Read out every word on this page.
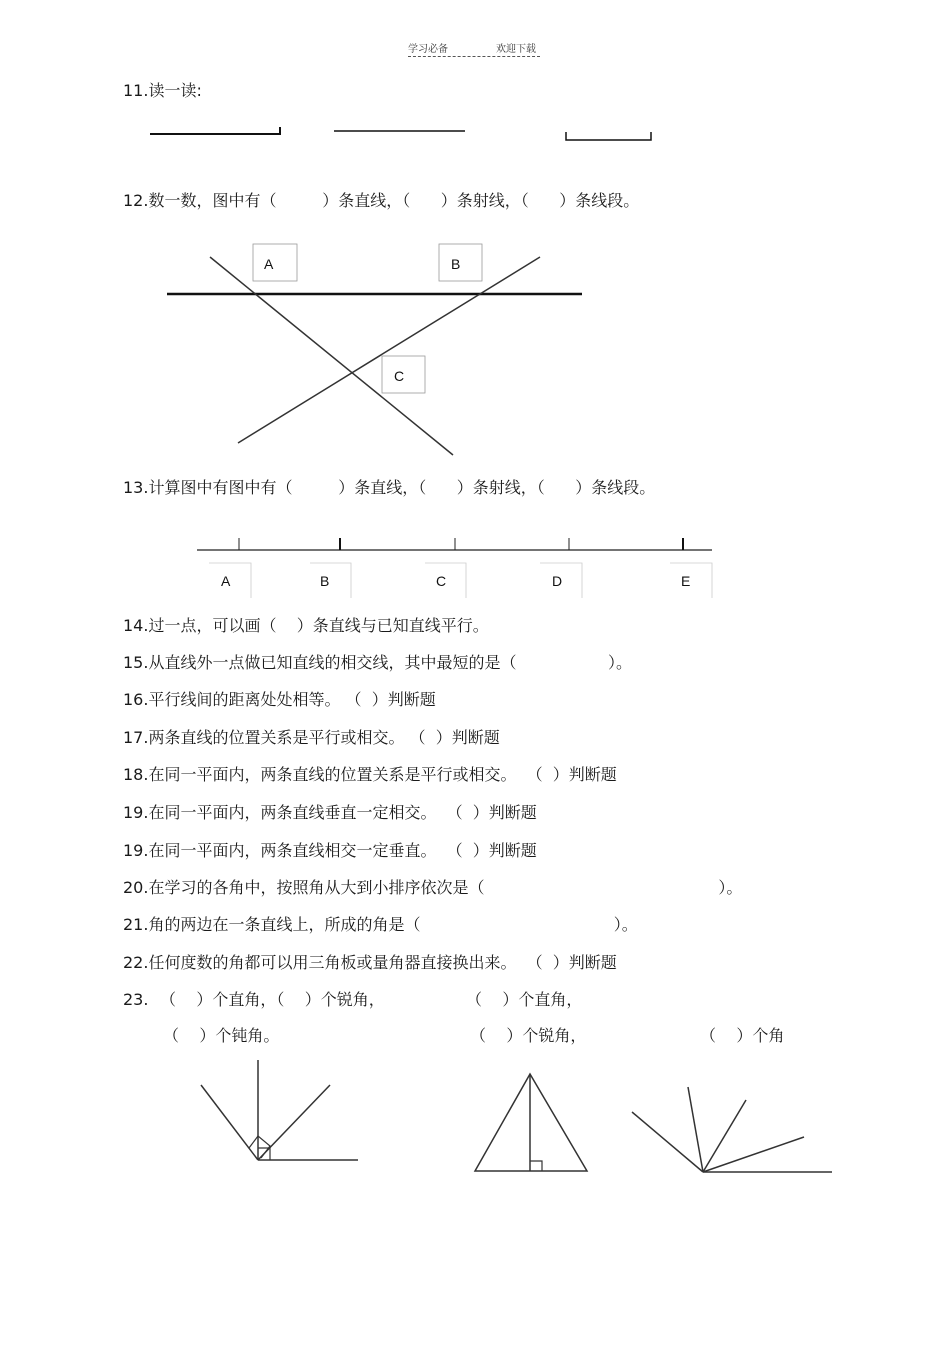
学习必备	欢迎下载
11.读一读:
12.数一数，图中有（         ）条直线，（      ）条射线，（      ）条线段。
13.计算图中有图中有（         ）条直线，（      ）条射线，（      ）条线段。
14.过一点，可以画（    ）条直线与已知直线平行。
15.从直线外一点做已知直线的相交线，其中最短的是（                  ）。
16.平行线间的距离处处相等。 （  ）判断题
17.两条直线的位置关系是平行或相交。 （  ）判断题
18.在同一平面内，两条直线的位置关系是平行或相交。  （  ）判断题
19.在同一平面内，两条直线垂直一定相交。  （  ）判断题
19.在同一平面内，两条直线相交一定垂直。  （  ）判断题
20.在学习的各角中，按照角从大到小排序依次是（                                              ）。
21.角的两边在一条直线上，所成的角是（                                      ）。
22.任何度数的角都可以用三角板或量角器直接换出来。  （  ）判断题
23. （    ）个直角，（    ）个锐角，	（    ）个直角，
（    ）个钝角。	（    ）个锐角，	（    ）个角
A	B
C
A	B	C	D	E
